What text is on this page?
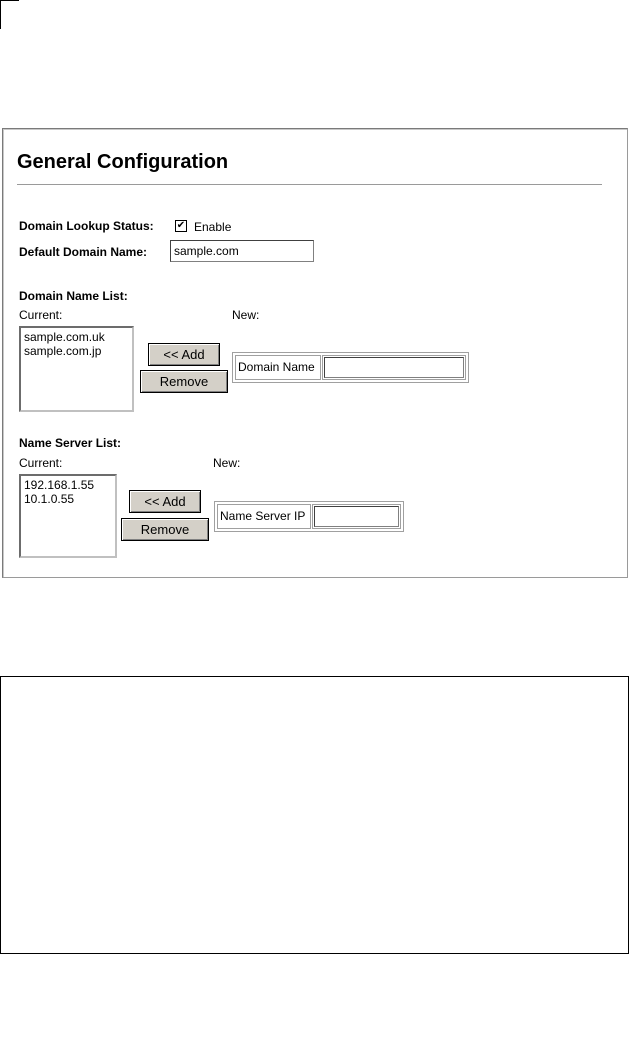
General Configuration
Domain Lookup Status: ✔ Enable
Default Domain Name:
sample.com
Domain Name List:
Current:	New:
sample.com.uk
sample.com.jp	<< Add
Remove
Domain Name
Name Server List:
Current:	New:
192.168.1.55
10.1.0.55	<< Add
Remove
Name Server IP
